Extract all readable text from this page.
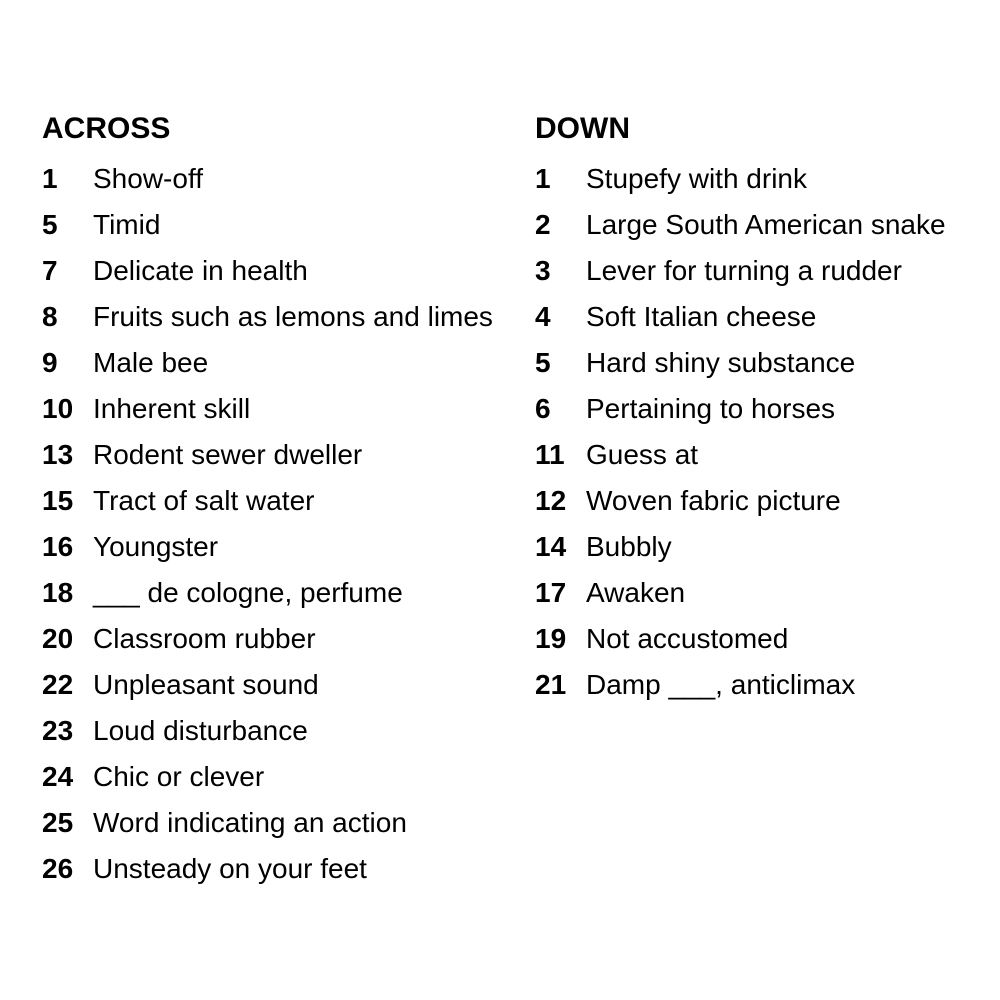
ACROSS
1	Show-off
5	Timid
7	Delicate in health
8	Fruits such as lemons and limes
9	Male bee
10 Inherent skill
13 Rodent sewer dweller
15 Tract of salt water
16 Youngster
18 ___ de cologne, perfume
20 Classroom rubber
22 Unpleasant sound
23 Loud disturbance
24 Chic or clever
25 Word indicating an action
26 Unsteady on your feet
DOWN
1	Stupefy with drink
2	Large South American snake
3	Lever for turning a rudder
4	Soft Italian cheese
5	Hard shiny substance
6	Pertaining to horses
11 Guess at
12 Woven fabric picture
14 Bubbly
17 Awaken
19 Not accustomed
21 Damp ___, anticlimax
